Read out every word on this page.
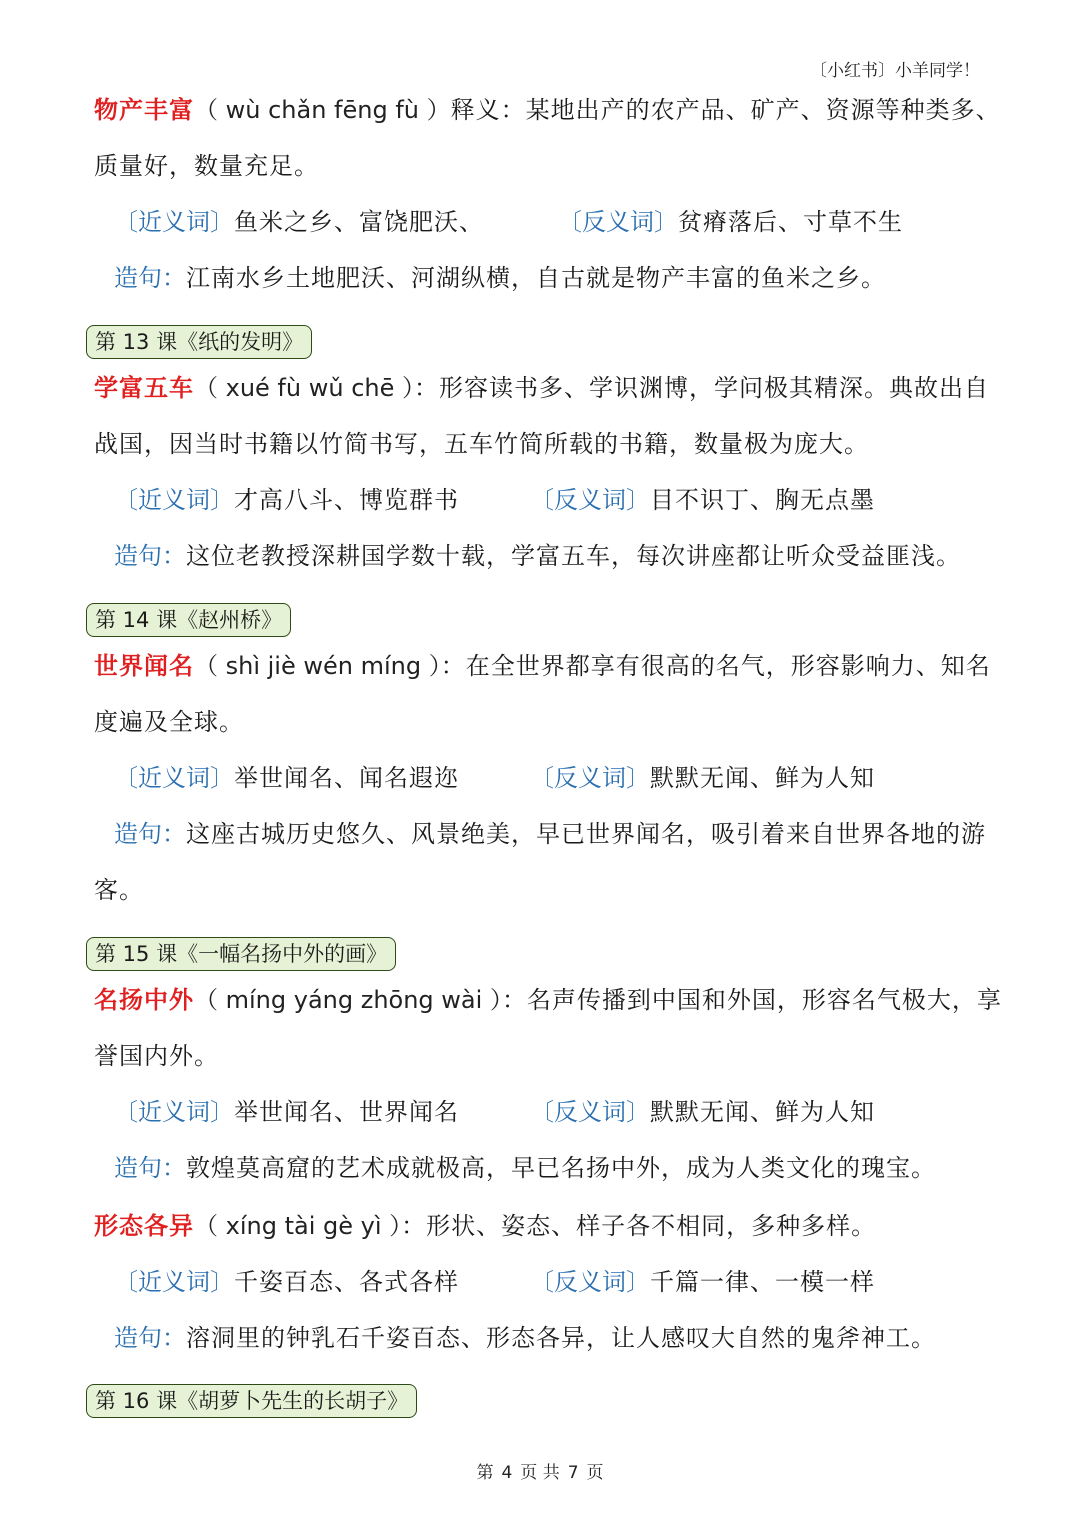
〔小红书〕小羊同学！
物产丰富（ wù chǎn fēng fù ）释义：某地出产的农产品、矿产、资源等种类多、
质量好，数量充足。
〔近义词〕鱼米之乡、富饶肥沃、	〔反义词〕贫瘠落后、寸草不生
造句：江南水乡土地肥沃、河湖纵横，自古就是物产丰富的鱼米之乡。
第 13 课《纸的发明》
学富五车（ xué fù wǔ chē ）：形容读书多、学识渊博，学问极其精深。典故出自
战国，因当时书籍以竹简书写，五车竹简所载的书籍，数量极为庞大。
〔近义词〕才高八斗、博览群书	〔反义词〕目不识丁、胸无点墨
造句：这位老教授深耕国学数十载，学富五车，每次讲座都让听众受益匪浅。
第 14 课《赵州桥》
世界闻名（ shì jiè wén míng ）：在全世界都享有很高的名气，形容影响力、知名
度遍及全球。
〔近义词〕举世闻名、闻名遐迩	〔反义词〕默默无闻、鲜为人知
造句：这座古城历史悠久、风景绝美，早已世界闻名，吸引着来自世界各地的游
客。
第 15 课《一幅名扬中外的画》
名扬中外（ míng yáng zhōng wài ）：名声传播到中国和外国，形容名气极大，享
誉国内外。
〔近义词〕举世闻名、世界闻名	〔反义词〕默默无闻、鲜为人知
造句：敦煌莫高窟的艺术成就极高，早已名扬中外，成为人类文化的瑰宝。
形态各异（ xíng tài gè yì ）：形状、姿态、样子各不相同，多种多样。
〔近义词〕千姿百态、各式各样	〔反义词〕千篇一律、一模一样
造句：溶洞里的钟乳石千姿百态、形态各异，让人感叹大自然的鬼斧神工。
第 16 课《胡萝卜先生的长胡子》
第 4 页 共 7 页
